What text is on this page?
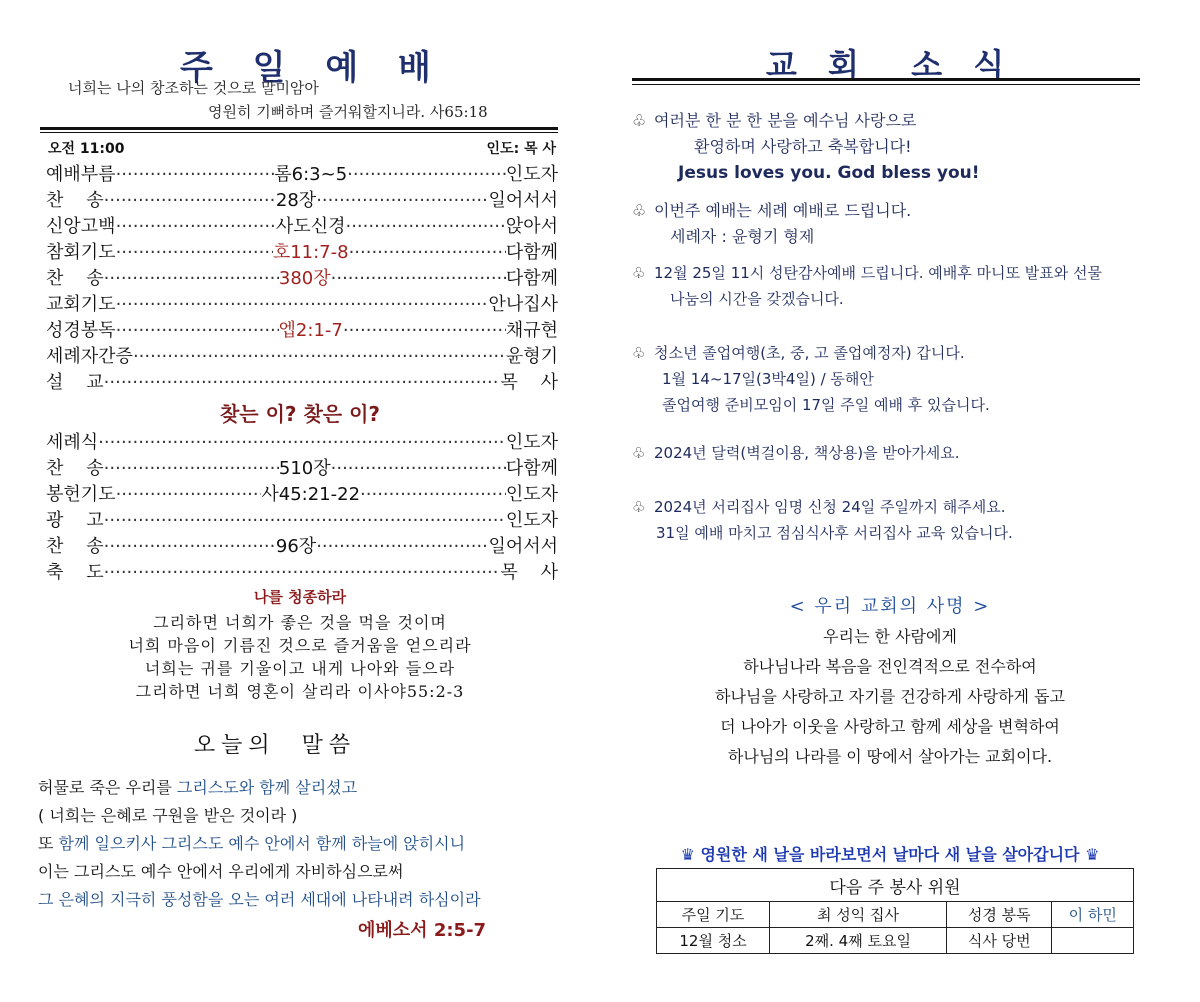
주 일 예 배
너희는 나의 창조하는 것으로 말미암아
영원히 기뻐하며 즐거워할지니라. 사65:18
오전 11:00	인도: 목 사
예배부름 ·····	롬6:3~5 ·····	인도자
찬    송 ·····	28장 ·····	일어서서
신앙고백 ·····	사도신경 ·····	앉아서
참회기도 ·····	호11:7-8 ·····	다함께
찬    송 ·····	380장 ·····	다함께
교회기도 ·····	안나집사
성경봉독 ·····	엡2:1-7 ·····	채규현
세례자간증 ·····	윤형기
설    교 ·····	목    사
찾는 이? 찾은 이?
세례식 ·····	인도자
찬    송 ·····	510장 ·····	다함께
봉헌기도 ·····	사45:21-22 ·····	인도자
광    고 ·····	인도자
찬    송 ·····	96장 ·····	일어서서
축    도 ·····	목    사
나를 청종하라
그리하면 너희가 좋은 것을 먹을 것이며
너희 마음이 기름진 것으로 즐거움을 얻으리라
너희는 귀를 기울이고 내게 나아와 들으라
그리하면 너희 영혼이 살리라 이사야55:2-3
오늘의  말씀
허물로 죽은 우리를 그리스도와 함께 살리셨고
( 너희는 은혜로 구원을 받은 것이라 )
또 함께 일으키사 그리스도 예수 안에서 함께 하늘에 앉히시니
이는 그리스도 예수 안에서 우리에게 자비하심으로써
그 은혜의 지극히 풍성함을 오는 여러 세대에 나타내려 하심이라
에베소서 2:5-7
교 회  소 식
♧ 여러분 한 분 한 분을 예수님 사랑으로
환영하며 사랑하고 축복합니다!
Jesus loves you. God bless you!
♧ 이번주 예배는 세례 예배로 드립니다.
세례자 : 윤형기 형제
♧ 12월 25일 11시 성탄감사예배 드립니다. 예배후 마니또 발표와 선물
나눔의 시간을 갖겠습니다.
♧ 청소년 졸업여행(초, 중, 고 졸업예정자) 갑니다.
1월 14~17일(3박4일) / 동해안
졸업여행 준비모임이 17일 주일 예배 후 있습니다.
♧ 2024년 달력(벽걸이용, 책상용)을 받아가세요.
♧ 2024년 서리집사 임명 신청 24일 주일까지 해주세요.
31일 예배 마치고 점심식사후 서리집사 교육 있습니다.
< 우리 교회의 사명 >
우리는 한 사람에게
하나님나라 복음을 전인격적으로 전수하여
하나님을 사랑하고 자기를 건강하게 사랑하게 돕고
더 나아가 이웃을 사랑하고 함께 세상을 변혁하여
하나님의 나라를 이 땅에서 살아가는 교회이다.
♛ 영원한 새 날을 바라보면서 날마다 새 날을 살아갑니다 ♛
다음 주 봉사 위원			
주일 기도	최 성익 집사	성경 봉독	이 하민
12월 청소	2째. 4째 토요일	식사 당번	
